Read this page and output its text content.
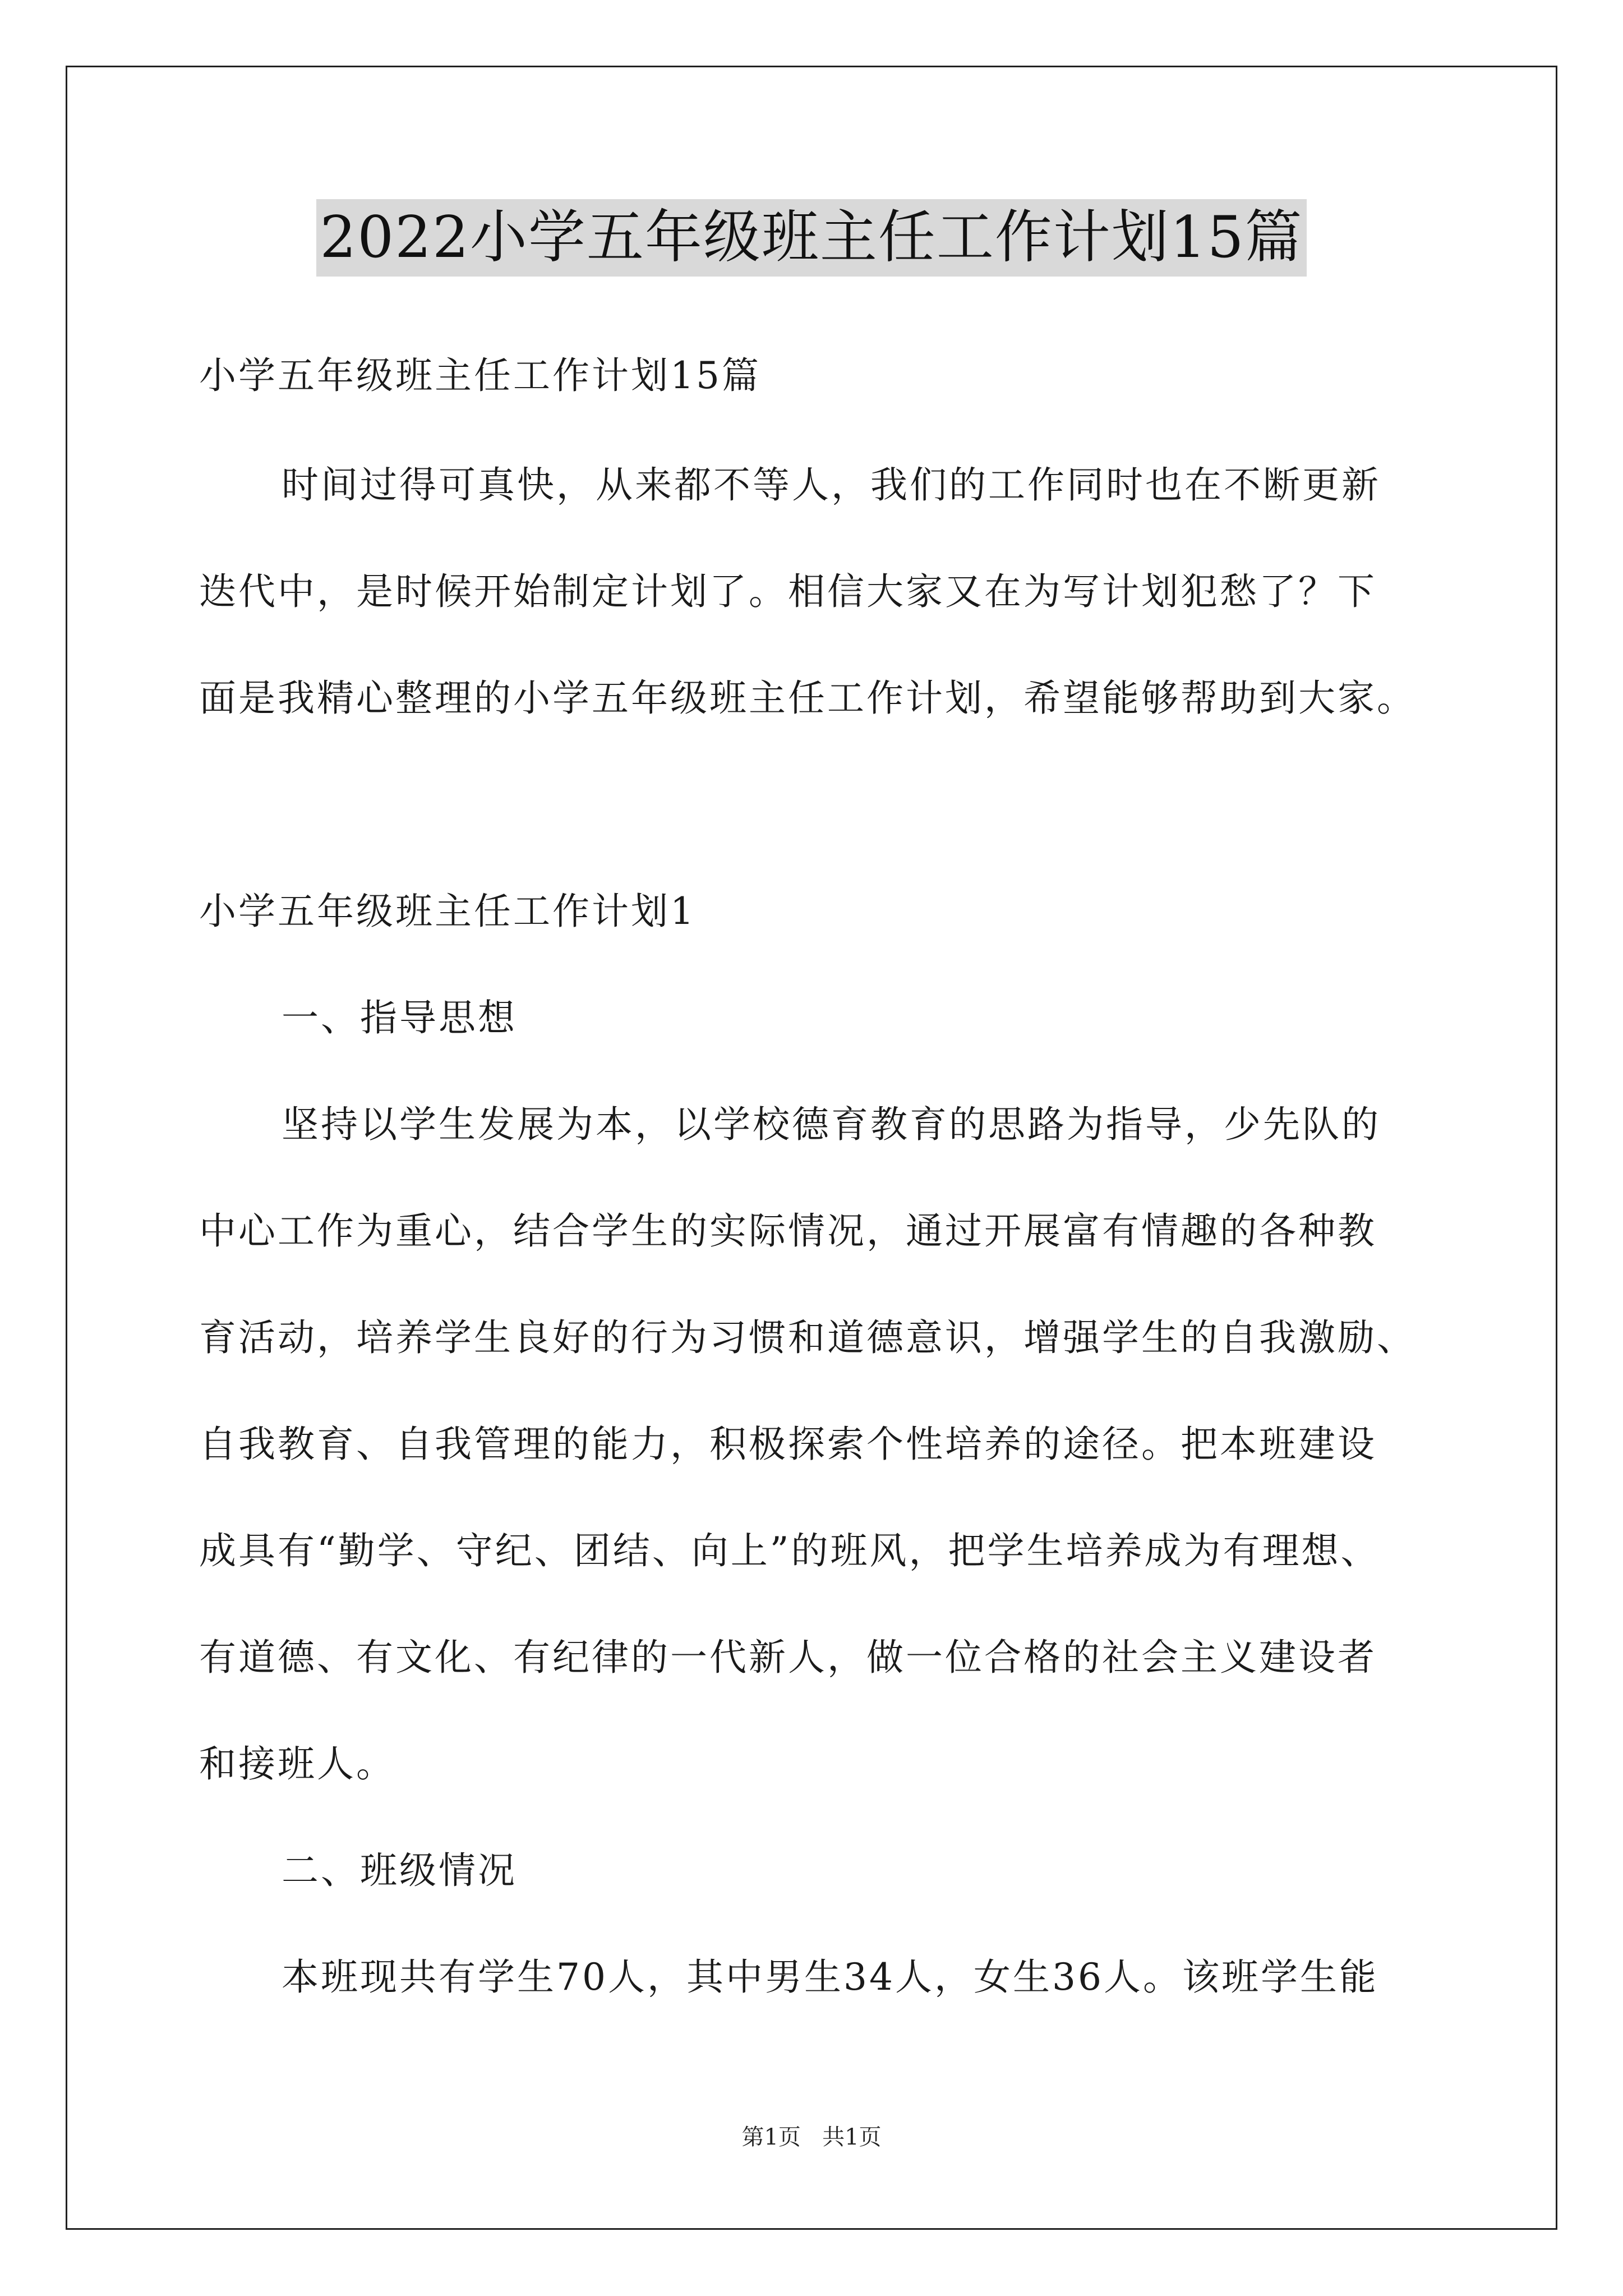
2022小学五年级班主任工作计划15篇
小学五年级班主任工作计划15篇
时间过得可真快，从来都不等人，我们的工作同时也在不断更新
迭代中，是时候开始制定计划了。相信大家又在为写计划犯愁了？下
面是我精心整理的小学五年级班主任工作计划，希望能够帮助到大家。
小学五年级班主任工作计划1
一、指导思想
坚持以学生发展为本，以学校德育教育的思路为指导，少先队的
中心工作为重心，结合学生的实际情况，通过开展富有情趣的各种教
育活动，培养学生良好的行为习惯和道德意识，增强学生的自我激励、
自我教育、自我管理的能力，积极探索个性培养的途径。把本班建设
成具有“勤学、守纪、团结、向上”的班风，把学生培养成为有理想、
有道德、有文化、有纪律的一代新人，做一位合格的社会主义建设者
和接班人。
二、班级情况
本班现共有学生70人，其中男生34人，女生36人。该班学生能
第1页 共1页
